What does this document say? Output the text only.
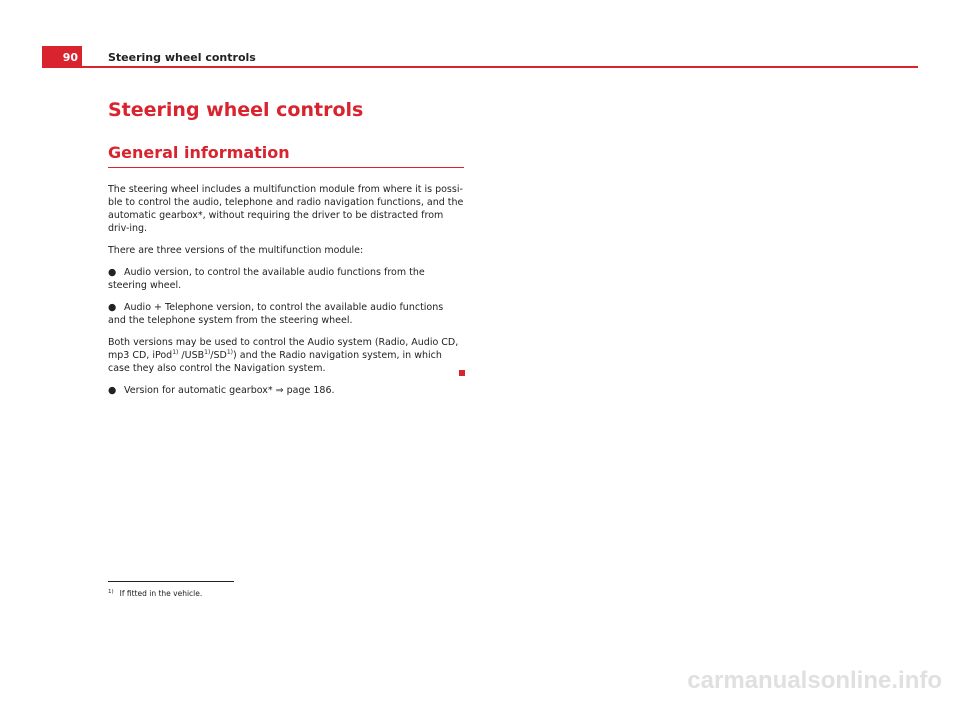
90	Steering wheel controls
Steering wheel controls
General information

The steering wheel includes a multifunction module from where it is possi-ble to control the audio, telephone and radio navigation functions, and the automatic gearbox*, without requiring the driver to be distracted from driv-ing.

There are three versions of the multifunction module:

● Audio version, to control the available audio functions from the steering wheel.

● Audio + Telephone version, to control the available audio functions and the telephone system from the steering wheel.

Both versions may be used to control the Audio system (Radio, Audio CD, mp3 CD, iPod$^{1)}$ /USB$^{1)}$/SD$^{1)}$) and the Radio navigation system, in which case they also control the Navigation system.

● Version for automatic gearbox* ⇒ page 186.

$^{1)}$ If fitted in the vehicle.
carmanualsonline.info
